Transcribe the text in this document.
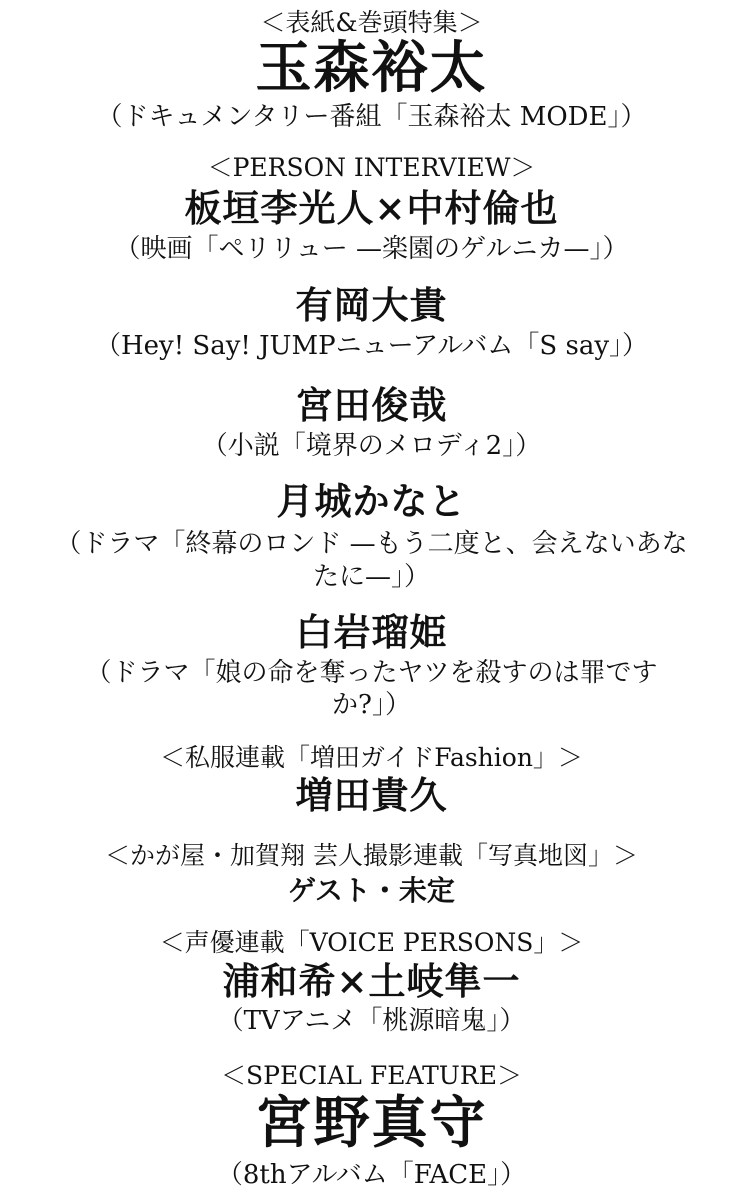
＜表紙&巻頭特集＞
玉森裕太
（ドキュメンタリー番組「玉森裕太 MODE」）
＜PERSON INTERVIEW＞
板垣李光人×中村倫也
（映画「ペリリュー —楽園のゲルニカ—」）
有岡大貴
（Hey! Say! JUMPニューアルバム「S say」）
宮田俊哉
（小説「境界のメロディ2」）
月城かなと
（ドラマ「終幕のロンド —もう二度と、会えないあな
たに—」）
白岩瑠姫
（ドラマ「娘の命を奪ったヤツを殺すのは罪です
か?」）
＜私服連載「増田ガイドFashion」＞
増田貴久
＜かが屋・加賀翔 芸人撮影連載「写真地図」＞
ゲスト・未定
＜声優連載「VOICE PERSONS」＞
浦和希×土岐隼一
（TVアニメ「桃源暗鬼」）
＜SPECIAL FEATURE＞
宮野真守
（8thアルバム「FACE」）
